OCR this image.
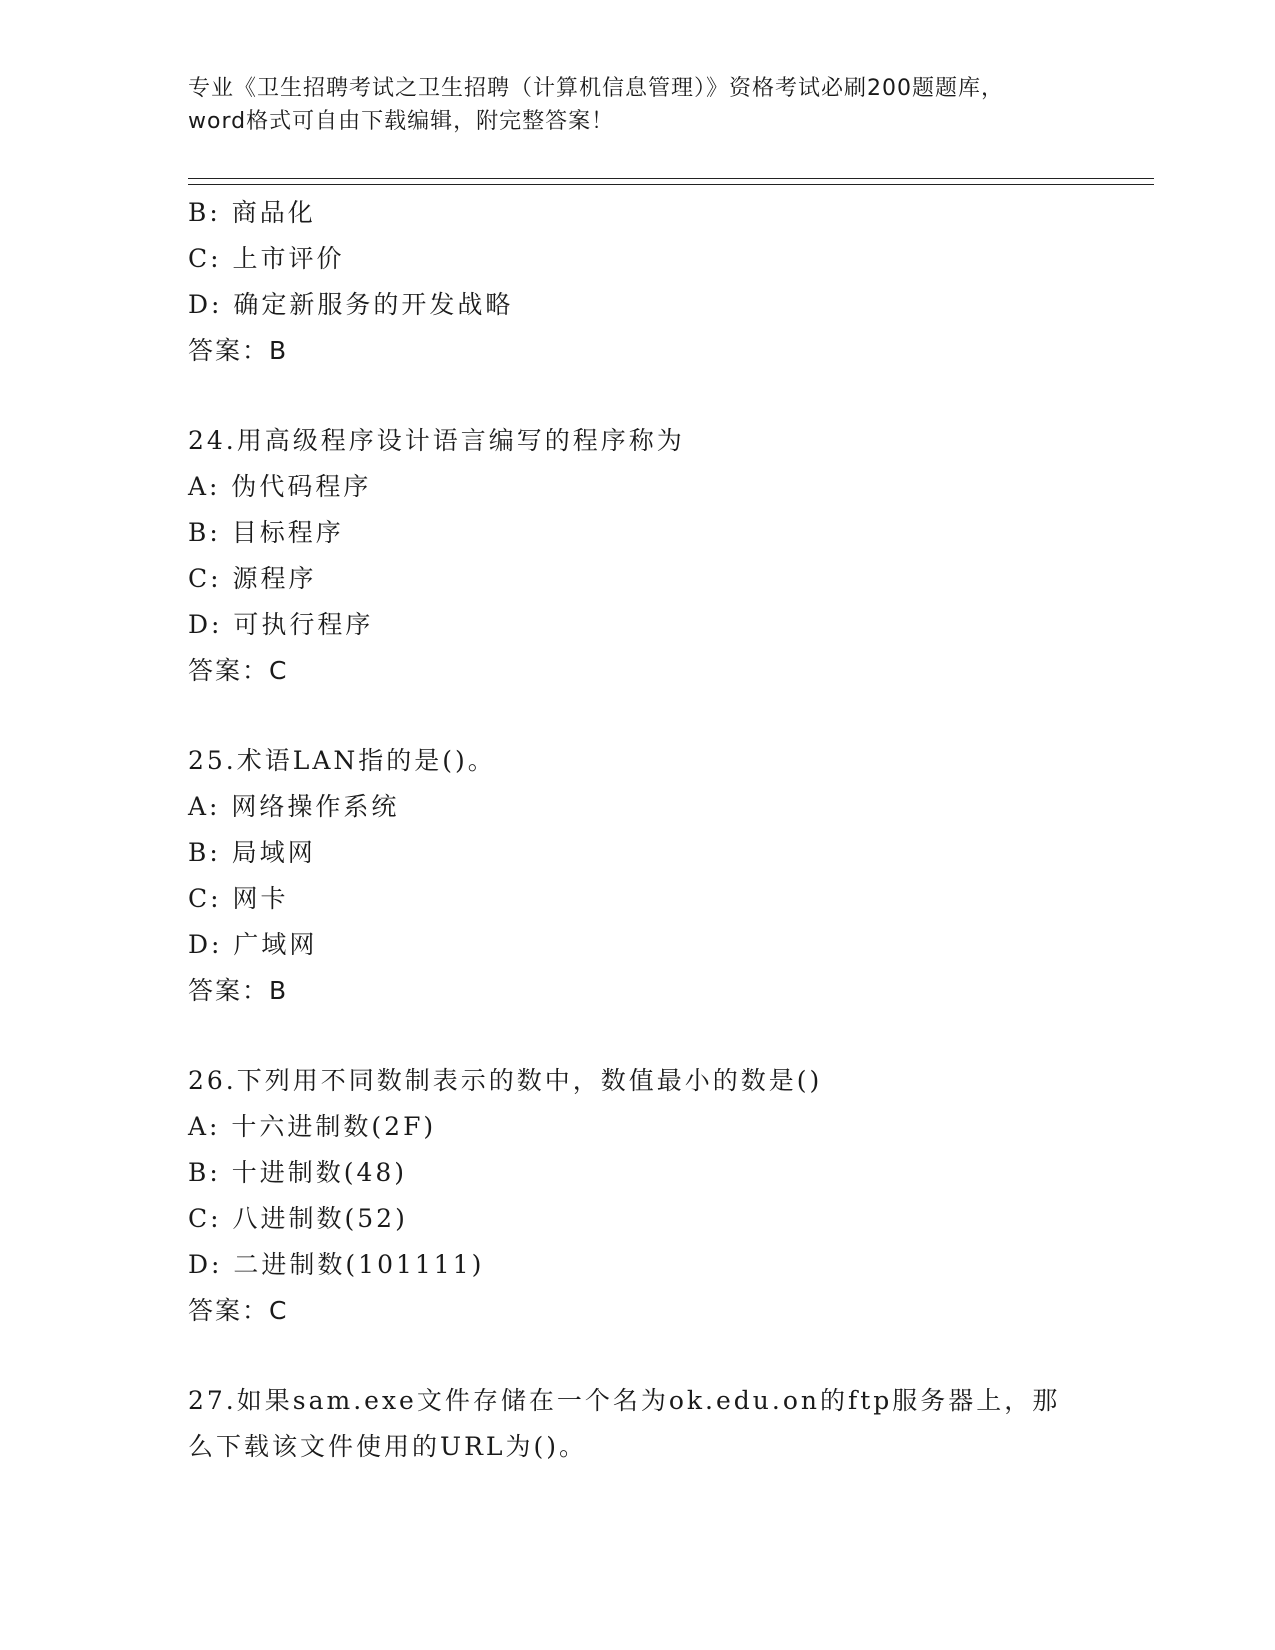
专业《卫生招聘考试之卫生招聘（计算机信息管理）》资格考试必刷200题题库，
word格式可自由下载编辑，附完整答案！
B: 商品化
C: 上市评价
D: 确定新服务的开发战略
答案：B
24.用高级程序设计语言编写的程序称为
A: 伪代码程序
B: 目标程序
C: 源程序
D: 可执行程序
答案：C
25.术语LAN指的是()。
A: 网络操作系统
B: 局域网
C: 网卡
D: 广域网
答案：B
26.下列用不同数制表示的数中，数值最小的数是()
A: 十六进制数(2F)
B: 十进制数(48)
C: 八进制数(52)
D: 二进制数(101111)
答案：C
27.如果sam.exe文件存储在一个名为ok.edu.on的ftp服务器上，那
么下载该文件使用的URL为()。
